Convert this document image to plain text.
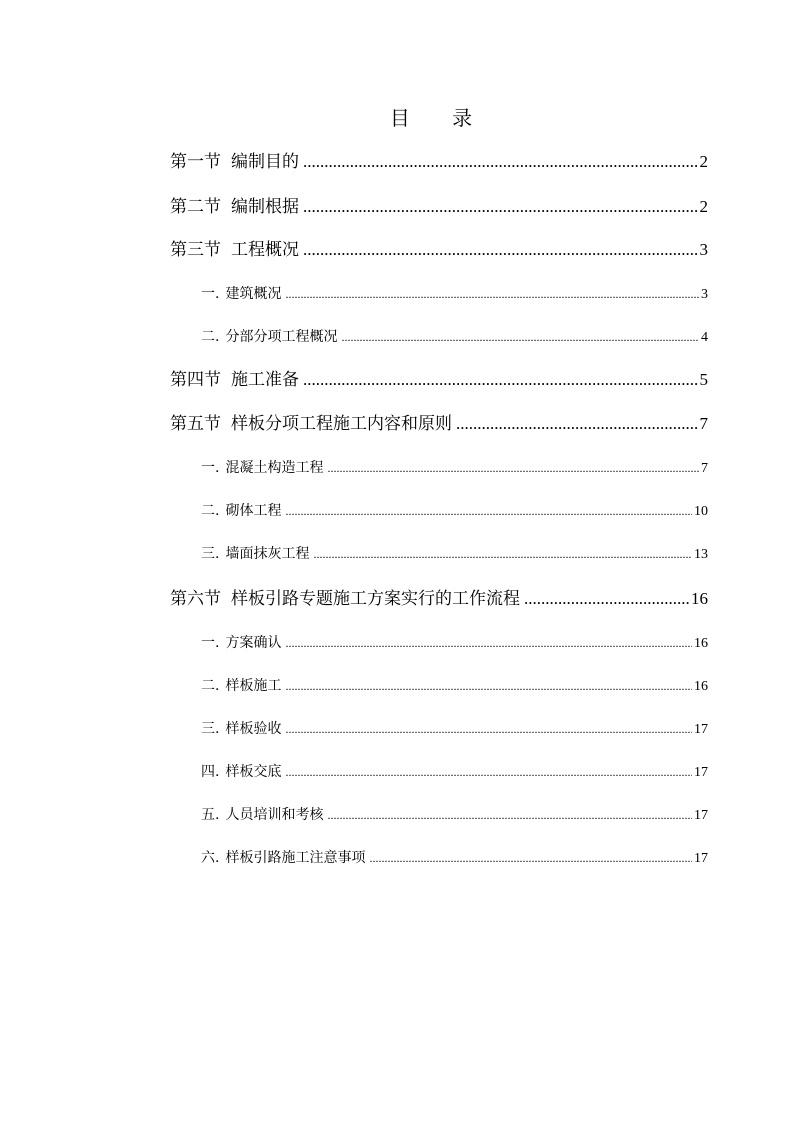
目 录
第一节 编制目的 .....	2
第二节 编制根据 .....	2
第三节 工程概况 .....	3
一. 建筑概况 .....	3
二. 分部分项工程概况 .....	4
第四节 施工准备 .....	5
第五节 样板分项工程施工内容和原则 .....	7
一. 混凝土构造工程 .....	7
二. 砌体工程 .....	10
三. 墙面抹灰工程 .....	13
第六节 样板引路专题施工方案实行的工作流程 .....	16
一. 方案确认 .....	16
二. 样板施工 .....	16
三. 样板验收 .....	17
四. 样板交底 .....	17
五. 人员培训和考核 .....	17
六. 样板引路施工注意事项 .....	17
